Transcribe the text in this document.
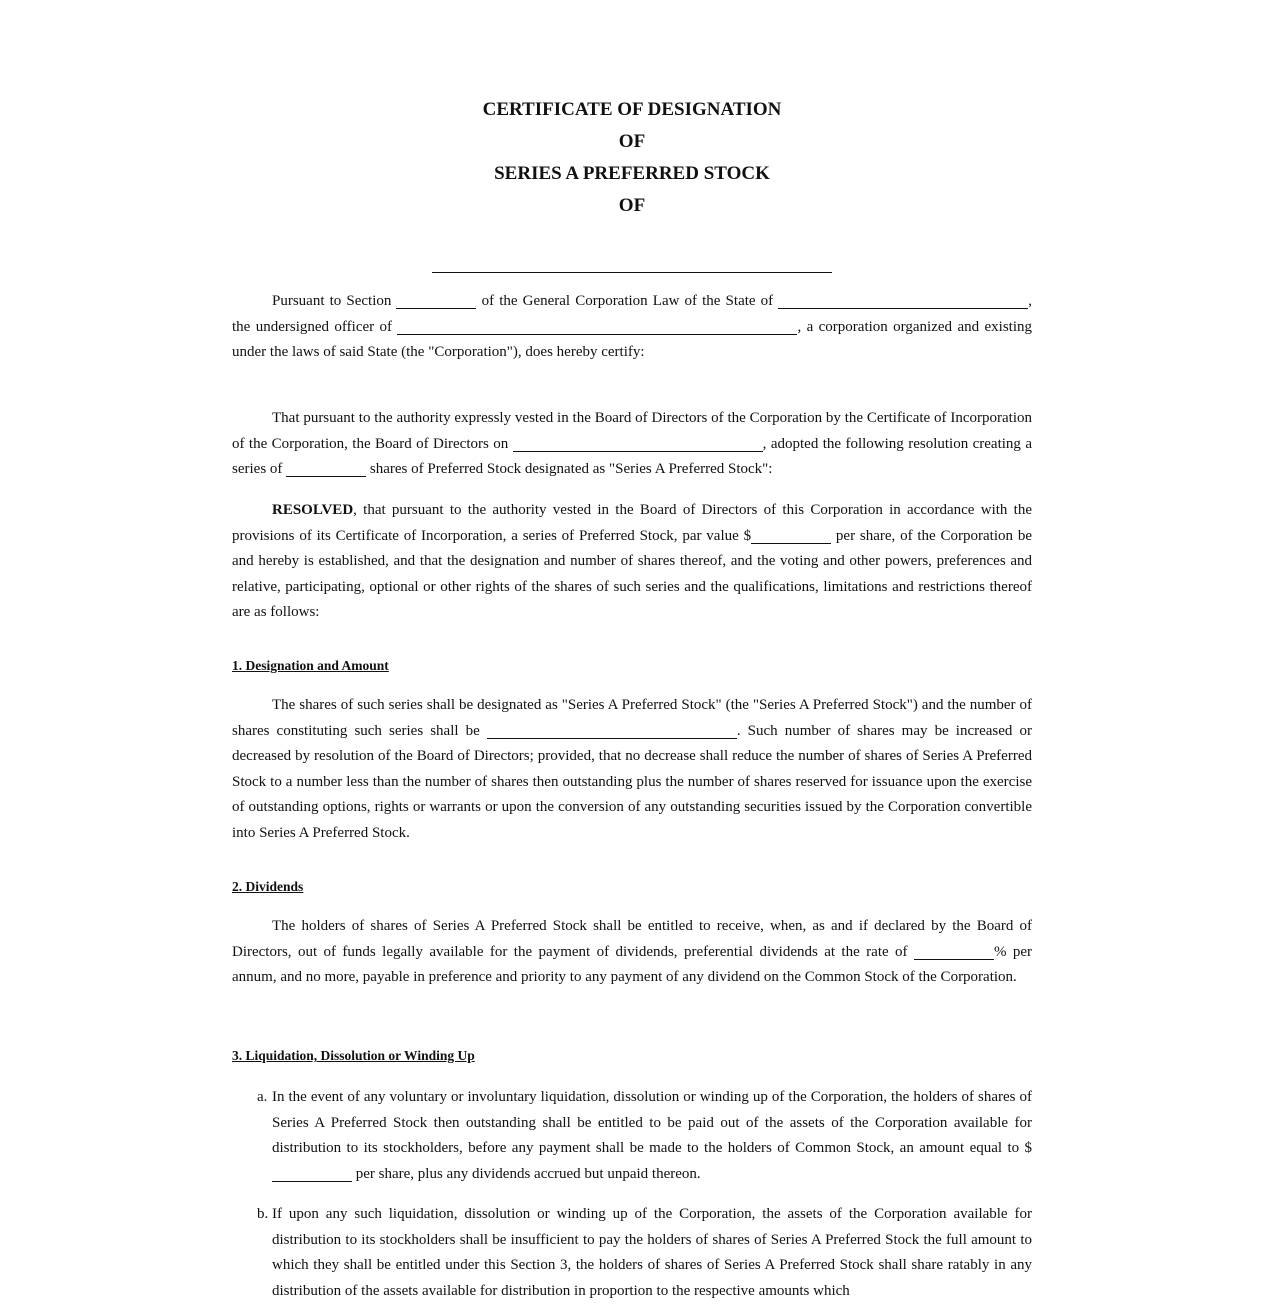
CERTIFICATE OF DESIGNATION
OF
SERIES A PREFERRED STOCK
OF

Pursuant to Section	of the General Corporation Law of the State of	, the undersigned officer of	, a corporation organized and existing under the laws of said State (the "Corporation"), does hereby certify:

That pursuant to the authority expressly vested in the Board of Directors of the Corporation by the Certificate of Incorporation of the Corporation, the Board of Directors on	, adopted the following resolution creating a series of	shares of Preferred Stock designated as "Series A Preferred Stock":

RESOLVED, that pursuant to the authority vested in the Board of Directors of this Corporation in accordance with the provisions of its Certificate of Incorporation, a series of Preferred Stock, par value $	per share, of the Corporation be and hereby is established, and that the designation and number of shares thereof, and the voting and other powers, preferences and relative, participating, optional or other rights of the shares of such series and the qualifications, limitations and restrictions thereof are as follows:

1. Designation and Amount

The shares of such series shall be designated as "Series A Preferred Stock" (the "Series A Preferred Stock") and the number of shares constituting such series shall be	. Such number of shares may be increased or decreased by resolution of the Board of Directors; provided, that no decrease shall reduce the number of shares of Series A Preferred Stock to a number less than the number of shares then outstanding plus the number of shares reserved for issuance upon the exercise of outstanding options, rights or warrants or upon the conversion of any outstanding securities issued by the Corporation convertible into Series A Preferred Stock.

2. Dividends

The holders of shares of Series A Preferred Stock shall be entitled to receive, when, as and if declared by the Board of Directors, out of funds legally available for the payment of dividends, preferential dividends at the rate of	% per annum, and no more, payable in preference and priority to any payment of any dividend on the Common Stock of the Corporation.

3. Liquidation, Dissolution or Winding Up

a. In the event of any voluntary or involuntary liquidation, dissolution or winding up of the Corporation, the holders of shares of Series A Preferred Stock then outstanding shall be entitled to be paid out of the assets of the Corporation available for distribution to its stockholders, before any payment shall be made to the holders of Common Stock, an amount equal to $ per share, plus any dividends accrued but unpaid thereon.

b. If upon any such liquidation, dissolution or winding up of the Corporation, the assets of the Corporation available for distribution to its stockholders shall be insufficient to pay the holders of shares of Series A Preferred Stock the full amount to which they shall be entitled under this Section 3, the holders of shares of Series A Preferred Stock shall share ratably in any distribution of the assets available for distribution in proportion to the respective amounts which
